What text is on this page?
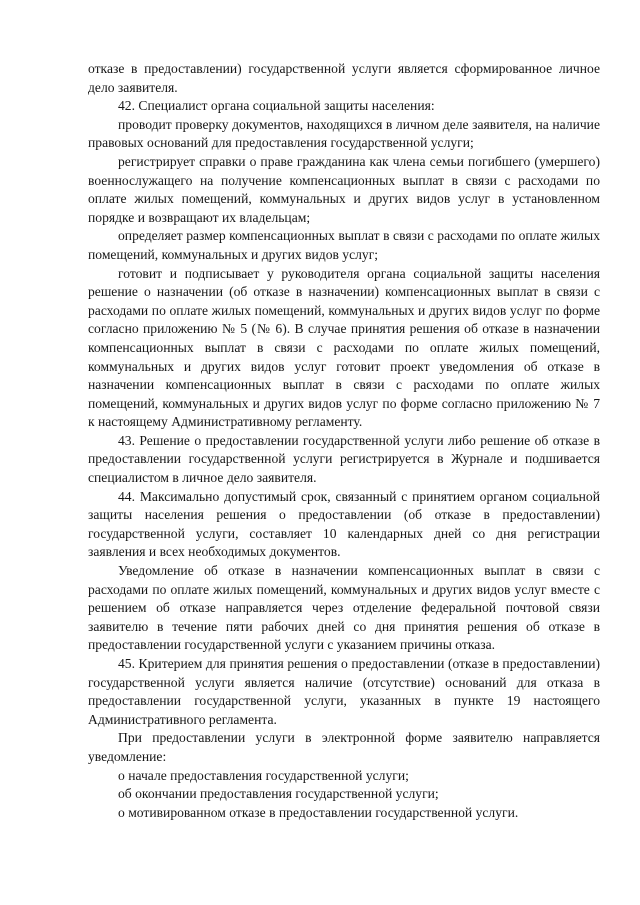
отказе в предоставлении) государственной услуги является сформированное личное дело заявителя.

42. Специалист органа социальной защиты населения:

проводит проверку документов, находящихся в личном деле заявителя, на наличие правовых оснований для предоставления государственной услуги;

регистрирует справки о праве гражданина как члена семьи погибшего (умершего) военнослужащего на получение компенсационных выплат в связи с расходами по оплате жилых помещений, коммунальных и других видов услуг в установленном порядке и возвращают их владельцам;

определяет размер компенсационных выплат в связи с расходами по оплате жилых помещений, коммунальных и других видов услуг;

готовит и подписывает у руководителя органа социальной защиты населения решение о назначении (об отказе в назначении) компенсационных выплат в связи с расходами по оплате жилых помещений, коммунальных и других видов услуг по форме согласно приложению № 5 (№ 6). В случае принятия решения об отказе в назначении компенсационных выплат в связи с расходами по оплате жилых помещений, коммунальных и других видов услуг готовит проект уведомления об отказе в назначении компенсационных выплат в связи с расходами по оплате жилых помещений, коммунальных и других видов услуг по форме согласно приложению № 7 к настоящему Административному регламенту.

43. Решение о предоставлении государственной услуги либо решение об отказе в предоставлении государственной услуги регистрируется в Журнале и подшивается специалистом в личное дело заявителя.

44. Максимально допустимый срок, связанный с принятием органом социальной защиты населения решения о предоставлении (об отказе в предоставлении) государственной услуги, составляет 10 календарных дней со дня регистрации заявления и всех необходимых документов.

Уведомление об отказе в назначении компенсационных выплат в связи с расходами по оплате жилых помещений, коммунальных и других видов услуг вместе с решением об отказе направляется через отделение федеральной почтовой связи заявителю в течение пяти рабочих дней со дня принятия решения об отказе в предоставлении государственной услуги с указанием причины отказа.

45. Критерием для принятия решения о предоставлении (отказе в предоставлении) государственной услуги является наличие (отсутствие) оснований для отказа в предоставлении государственной услуги, указанных в пункте 19 настоящего Административного регламента.

При предоставлении услуги в электронной форме заявителю направляется уведомление:

о начале предоставления государственной услуги;

об окончании предоставления государственной услуги;

о мотивированном отказе в предоставлении государственной услуги.
